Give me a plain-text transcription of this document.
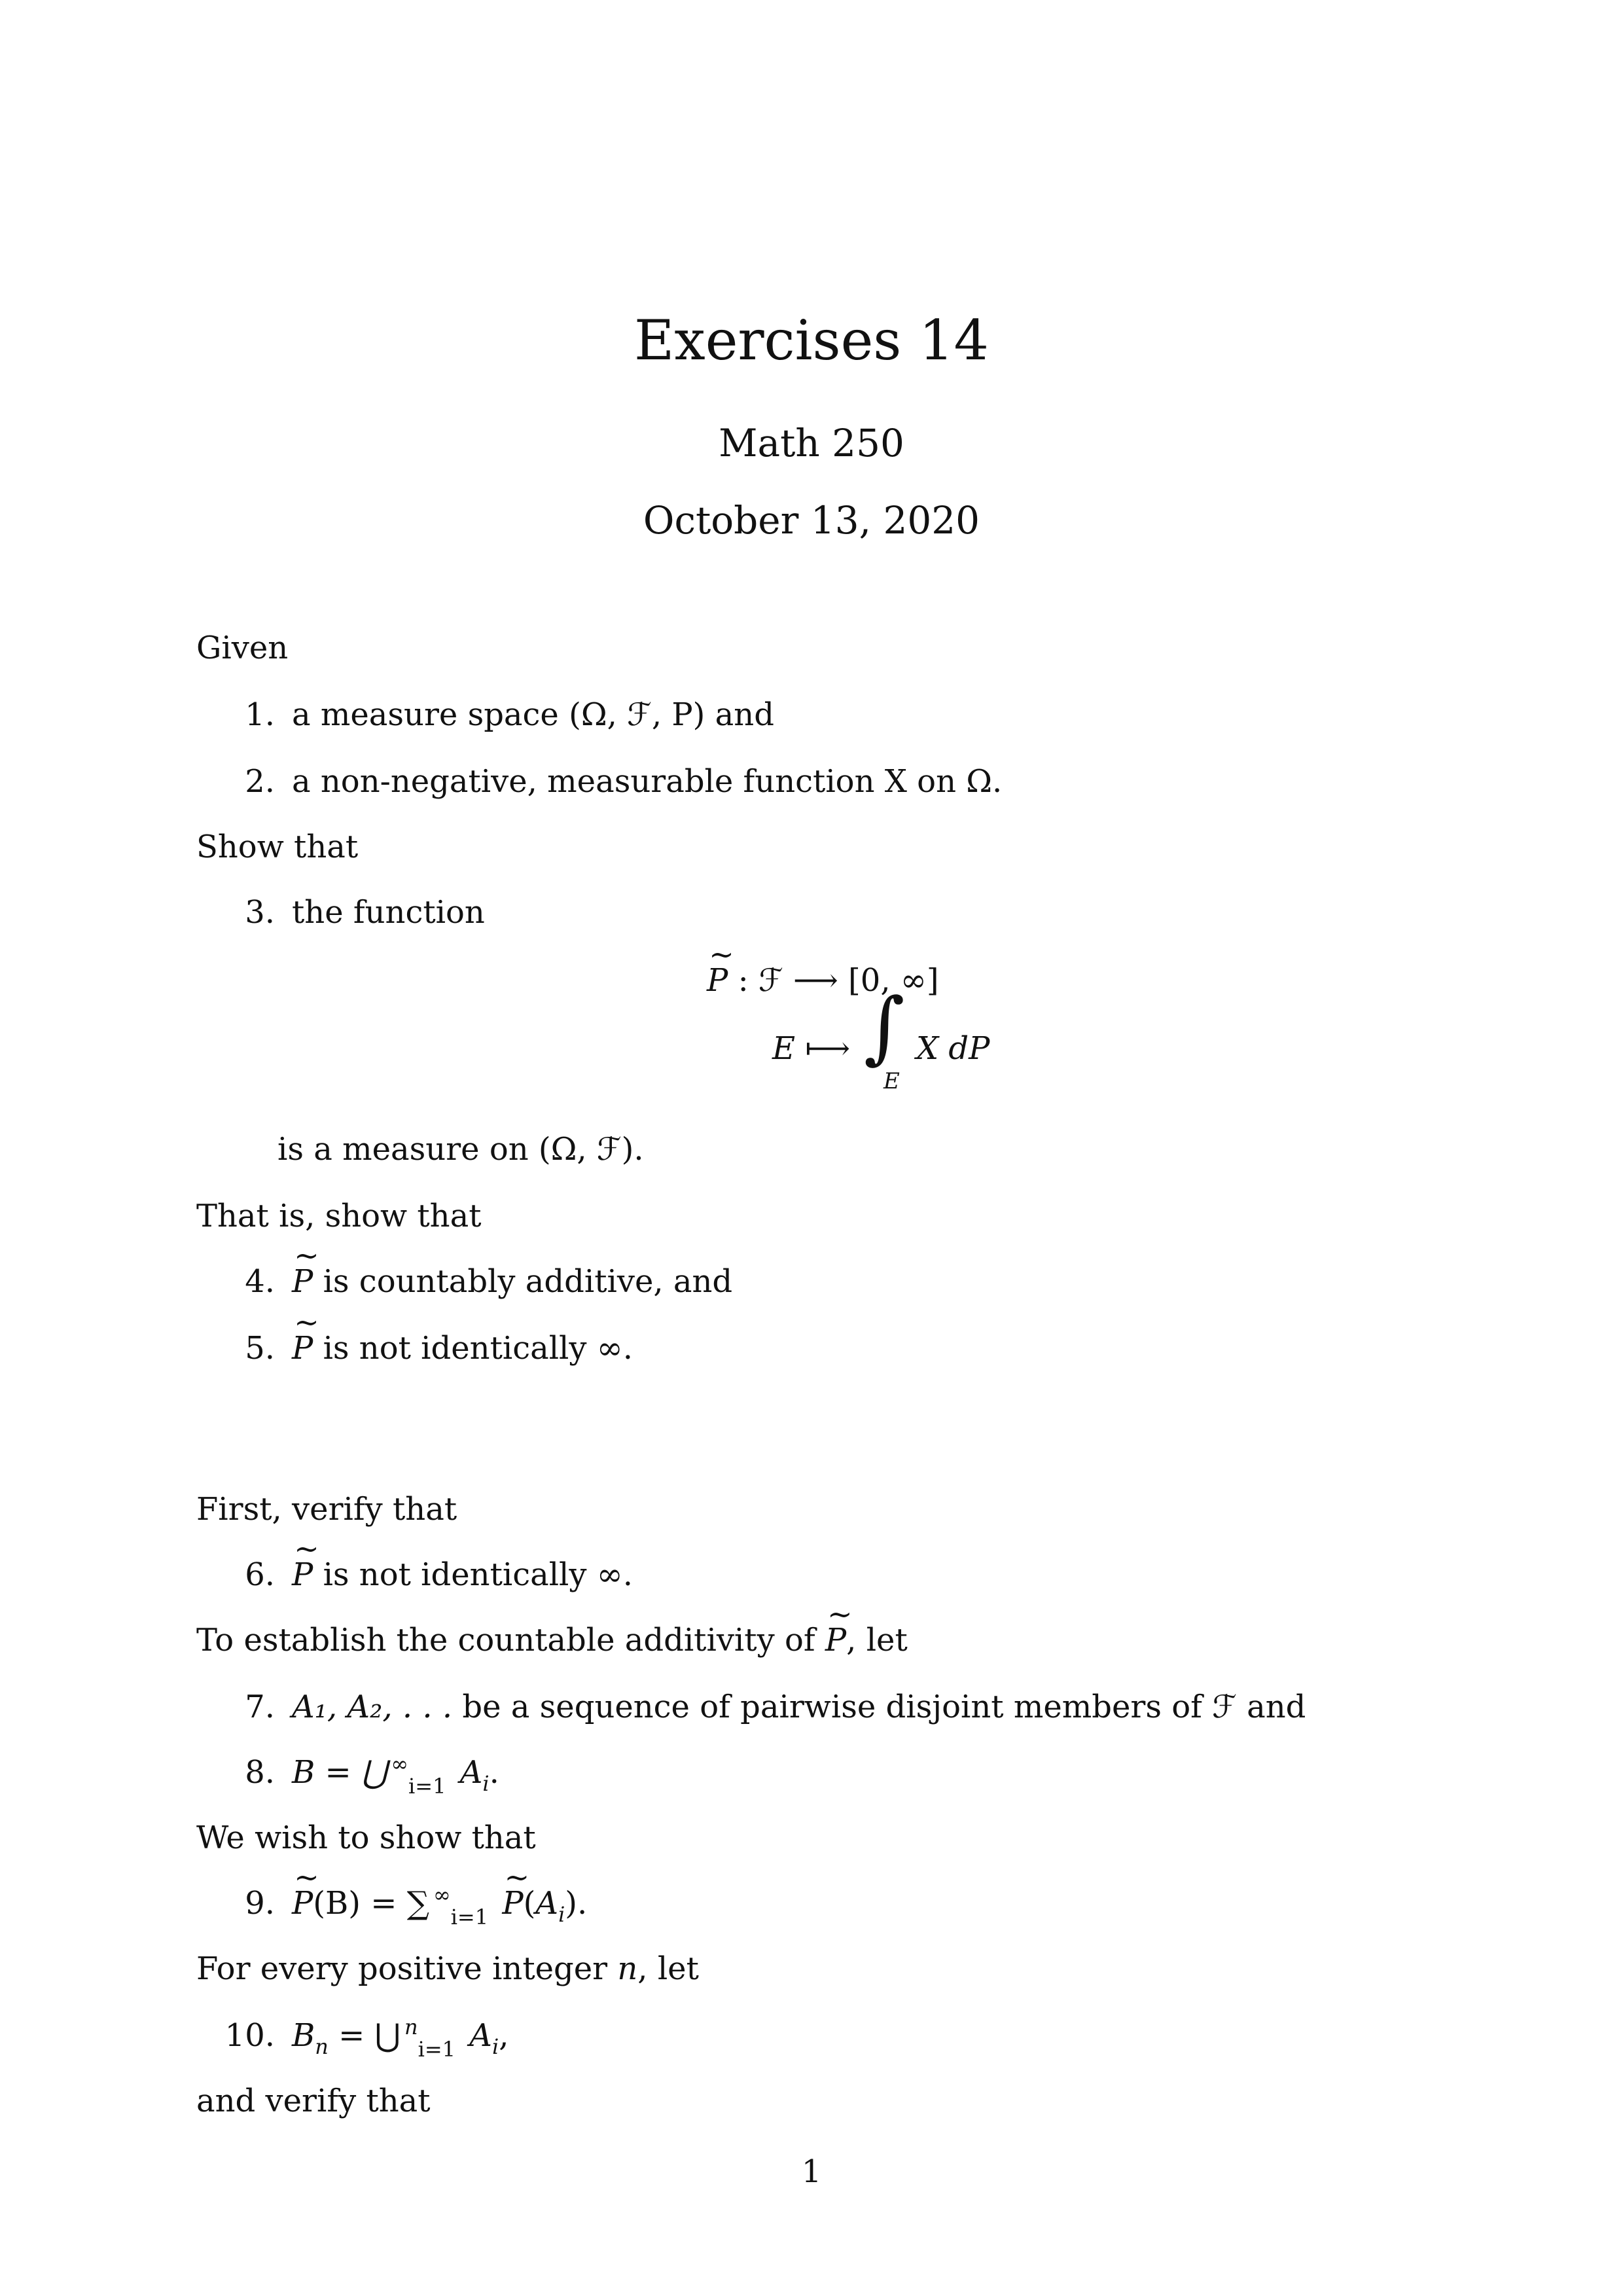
Exercises 14
Math 250
October 13, 2020
Given
1. a measure space (Ω, ℱ, P) and
2. a non-negative, measurable function X on Ω.
Show that
3. the function
~ P : ℱ ⟶ [0, ∞]
E ⟼ ∫
E
X dP
is a measure on (Ω, ℱ).
That is, show that
4. ~ P is countably additive, and
5. ~ P is not identically ∞.
First, verify that
6. ~ P is not identically ∞.
To establish the countable additivity of ~ P, let
7. A₁, A₂, . . . be a sequence of pairwise disjoint members of ℱ and
8. B = ⋃ ∞$_{i=1}$ $A_i$.
We wish to show that
9. ~ P(B) = ∑ ∞$_{i=1}$ ~ $P(A_i)$.
For every positive integer n, let
10. $B_n$ = ⋃ $^n_{i=1}$ $A_i$,
and verify that
1
